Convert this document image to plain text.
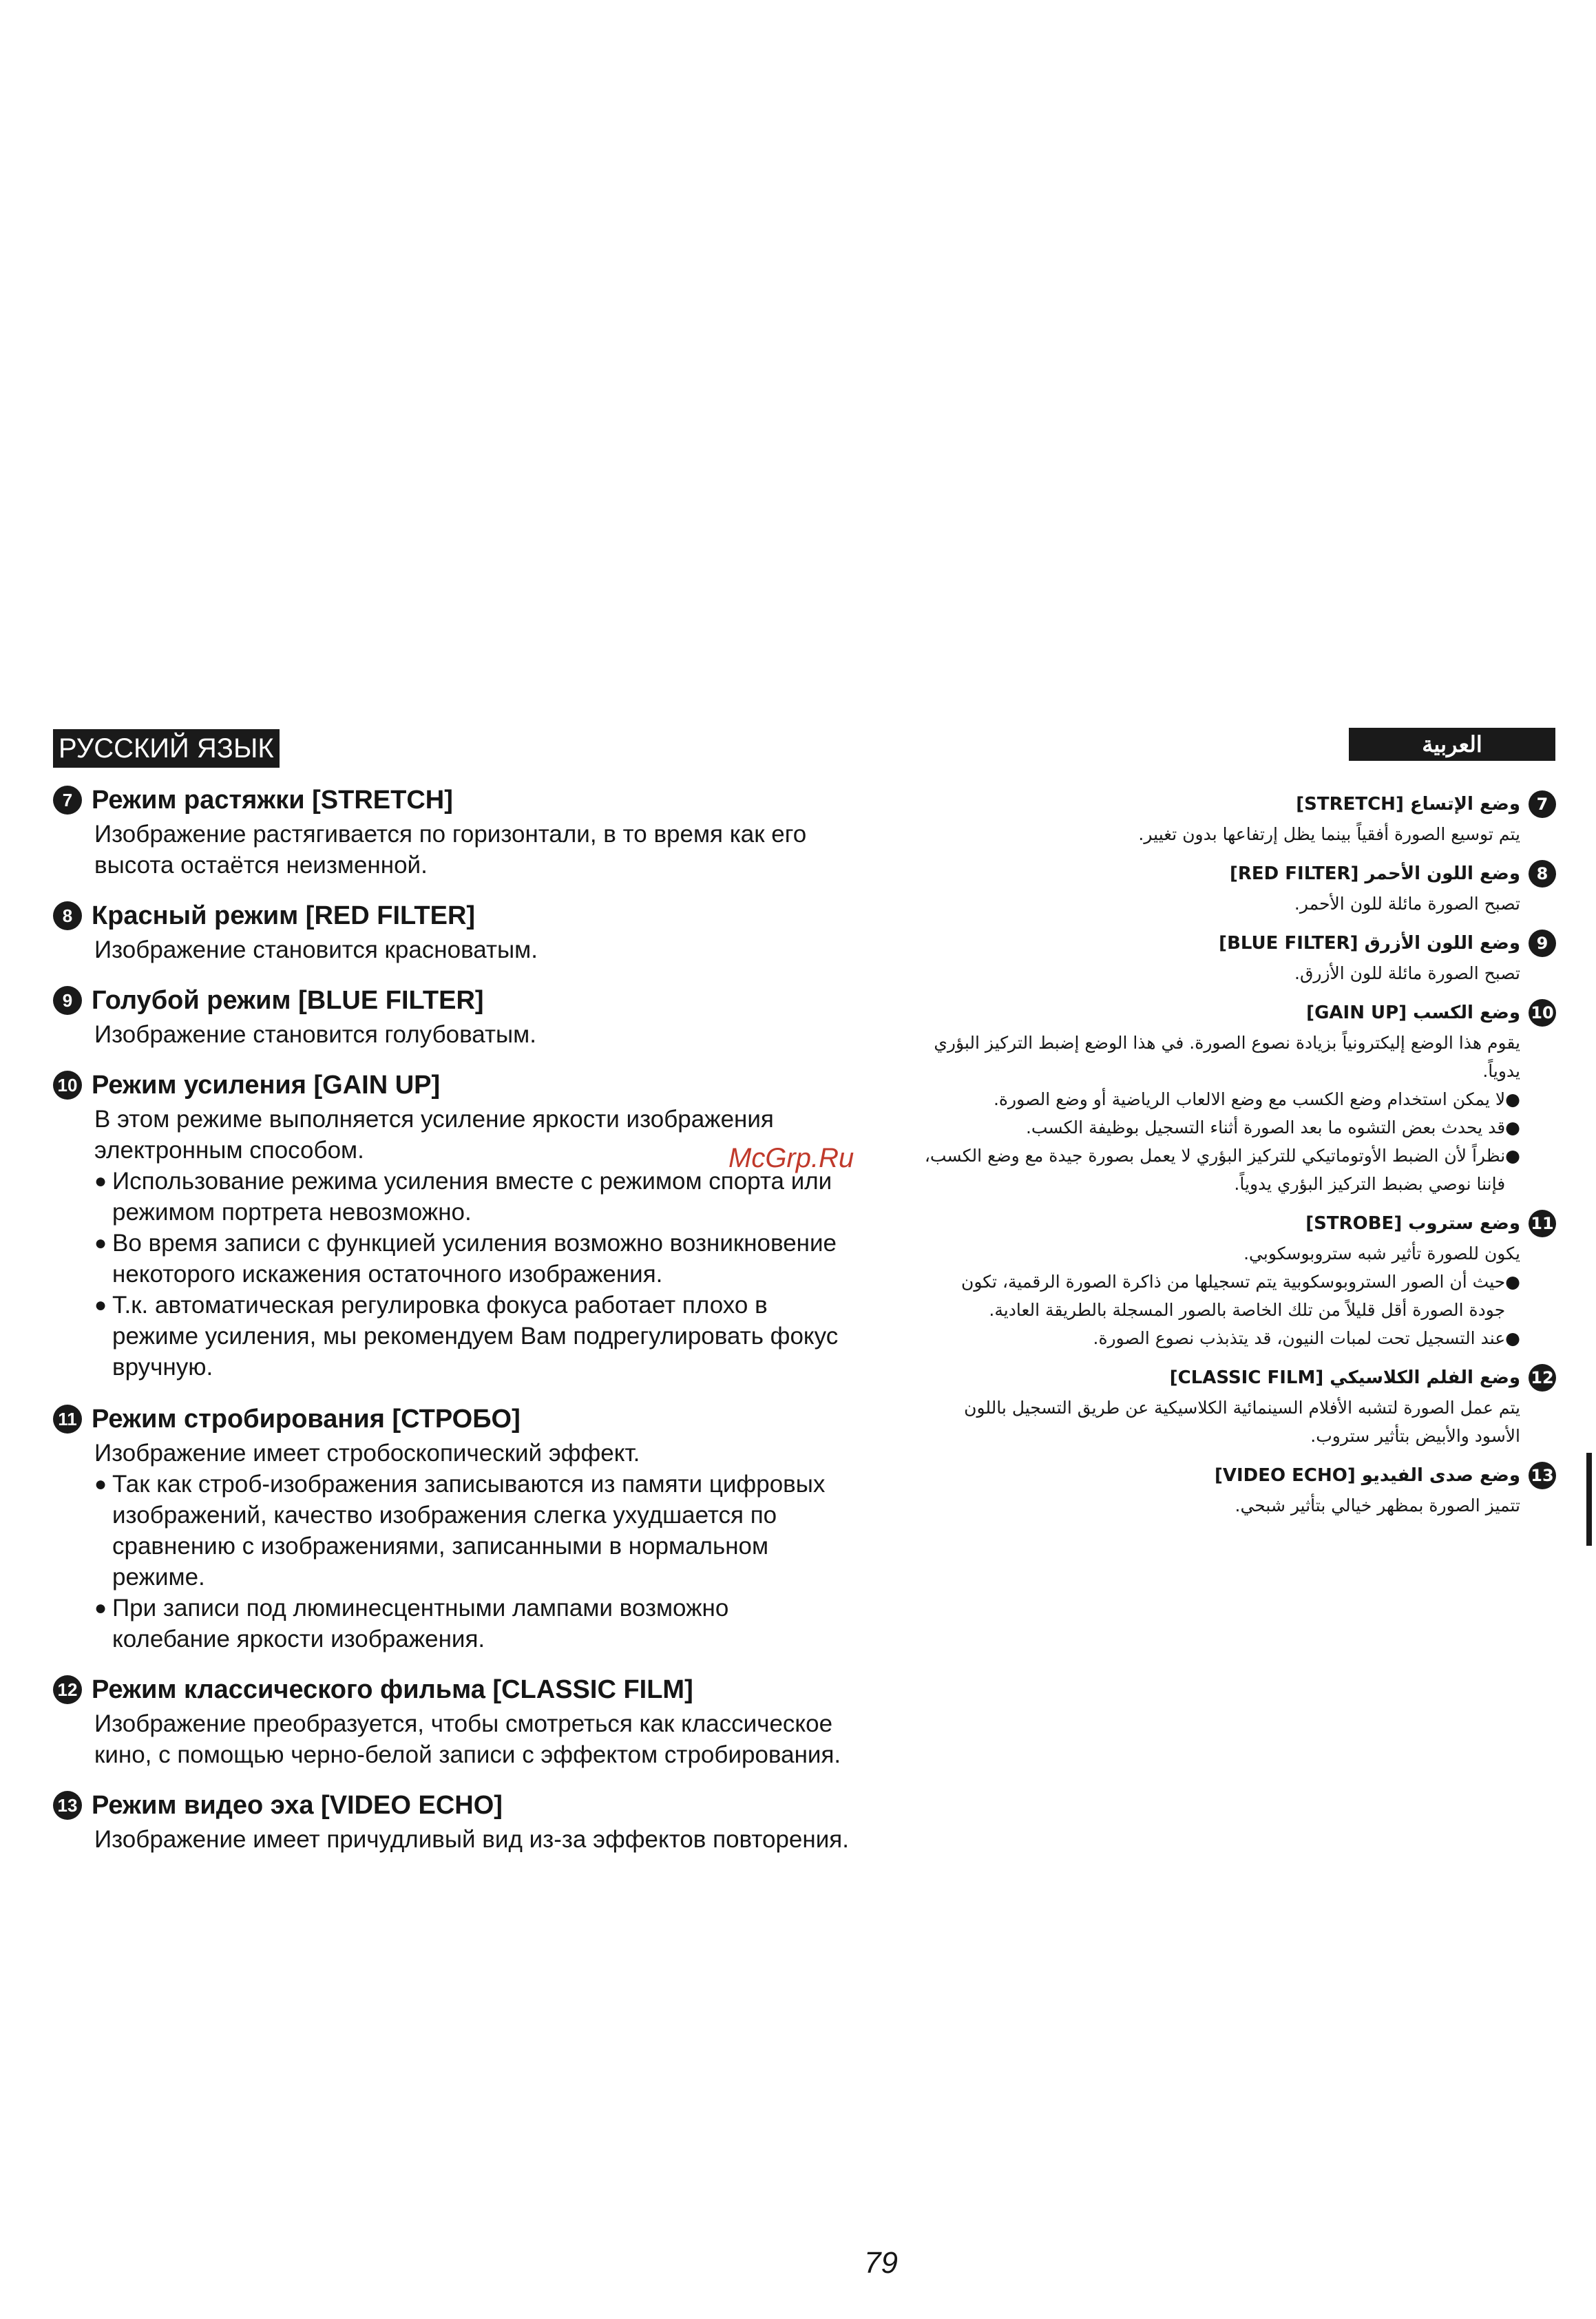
РУССКИЙ ЯЗЫК	العربية
7 Режим растяжки [STRETCH]
Изображение растягивается по горизонтали, в то время как его высота остаётся неизменной.
8 Красный режим [RED FILTER]
Изображение становится красноватым.
9 Голубой режим [BLUE FILTER]
Изображение становится голубоватым.
10 Режим усиления [GAIN UP]
В этом режиме выполняется усиление яркости изображения электронным способом.
● Использование режима усиления вместе с режимом спорта или режимом портрета невозможно.
● Во время записи с функцией усиления возможно возникновение некоторого искажения остаточного изображения.
● Т.к. автоматическая регулировка фокуса работает плохо в режиме усиления, мы рекомендуем Вам подрегулировать фокус вручную.
11 Режим стробирования [СТРОБО]
Изображение имеет стробоскопический эффект.
● Так как строб-изображения записываются из памяти цифровых изображений, качество изображения слегка ухудшается по сравнению с изображениями, записанными в нормальном режиме.
● При записи под люминесцентными лампами возможно колебание яркости изображения.
12 Режим классического фильма [CLASSIC FILM]
Изображение преобразуется, чтобы смотреться как классическое кино, с помощью черно-белой записи с эффектом стробирования.
13 Режим видео эха [VIDEO ECHO]
Изображение имеет причудливый вид из-за эффектов повторения.
7
وضع الإتساع [STRETCH]
يتم توسيع الصورة أفقياً بينما يظل إرتفاعها بدون تغيير.
8
وضع اللون الأحمر [RED FILTER]
تصبح الصورة مائلة للون الأحمر.
9
وضع اللون الأزرق [BLUE FILTER]
تصبح الصورة مائلة للون الأزرق.
10
وضع الكسب [GAIN UP]
يقوم هذا الوضع إليكترونياً بزيادة نصوع الصورة. في هذا الوضع إضبط التركيز البؤري يدوياً.
●
لا يمكن استخدام وضع الكسب مع وضع الالعاب الرياضية أو وضع الصورة.
●
قد يحدث بعض التشوه ما بعد الصورة أثناء التسجيل بوظيفة الكسب.
●
نظراً لأن الضبط الأوتوماتيكي للتركيز البؤري لا يعمل بصورة جيدة مع وضع الكسب، فإننا نوصي بضبط التركيز البؤري يدوياً.
11
وضع ستروب [STROBE]
يكون للصورة تأثير شبه ستروبوسكوبي.
●
حيث أن الصور الستروبوسكوبية يتم تسجيلها من ذاكرة الصورة الرقمية، تكون جودة الصورة أقل قليلاً من تلك الخاصة بالصور المسجلة بالطريقة العادية.
●
عند التسجيل تحت لمبات النيون، قد يتذبذب نصوع الصورة.
12
وضع الفلم الكلاسيكي [CLASSIC FILM]
يتم عمل الصورة لتشبه الأفلام السينمائية الكلاسيكية عن طريق التسجيل باللون الأسود والأبيض بتأثير ستروب.
13
وضع صدى الفيديو [VIDEO ECHO]
تتميز الصورة بمظهر خيالي بتأثير شبحي.
McGrp.Ru
79
